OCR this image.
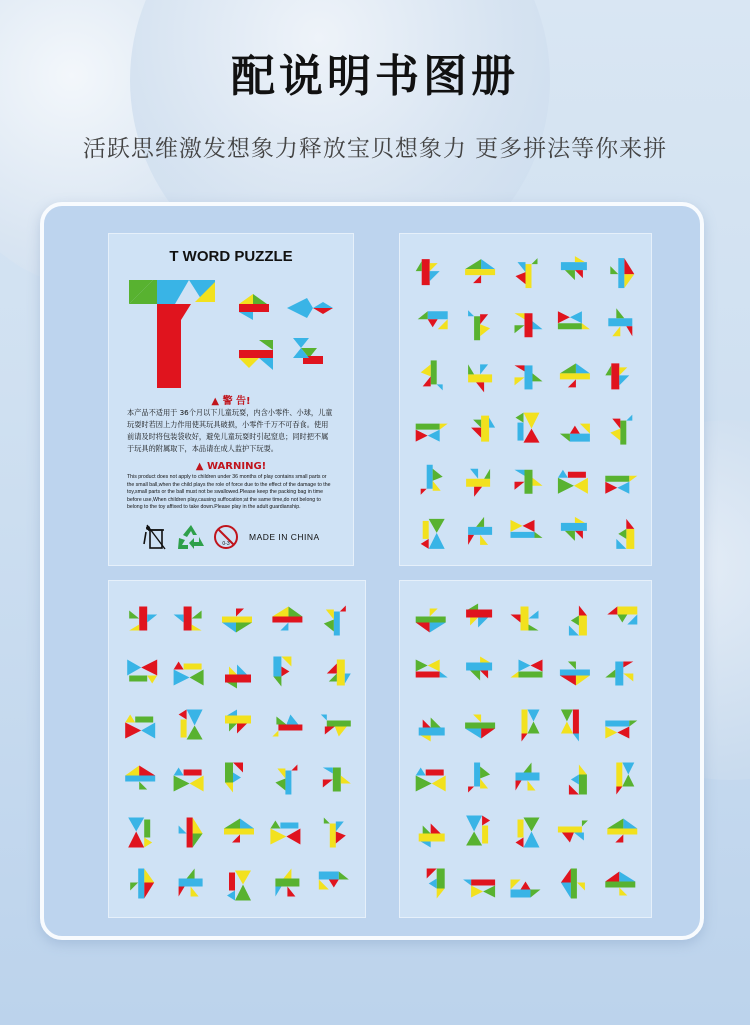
配说明书图册
活跃思维激发想象力释放宝贝想象力 更多拼法等你来拼
T WORD PUZZLE
▲ 警 告!
本产品不适用于 36个月以下儿童玩耍，内含小零件、小球，儿童玩耍时若因上力作用使其玩具破损，小零件千万不可吞食。使用前请及时将包装袋收好，避免儿童玩耍时引起窒息；同时把不属于玩具的附属取下，本品请在成人监护下玩耍。
▲ WARNING!
This product does not apply to children under 36 months of play contains small parts or the small ball,when the child plays the role of force due to the effect of the damage to the toy,small parts or the ball must not be swallowed.Please keep the packing bag in time before use,When children play,causing suffocation;at the same time,do not belong to belong to the toy affixed to take down.Please play in the adult guardianship.
0-3
MADE IN CHINA
